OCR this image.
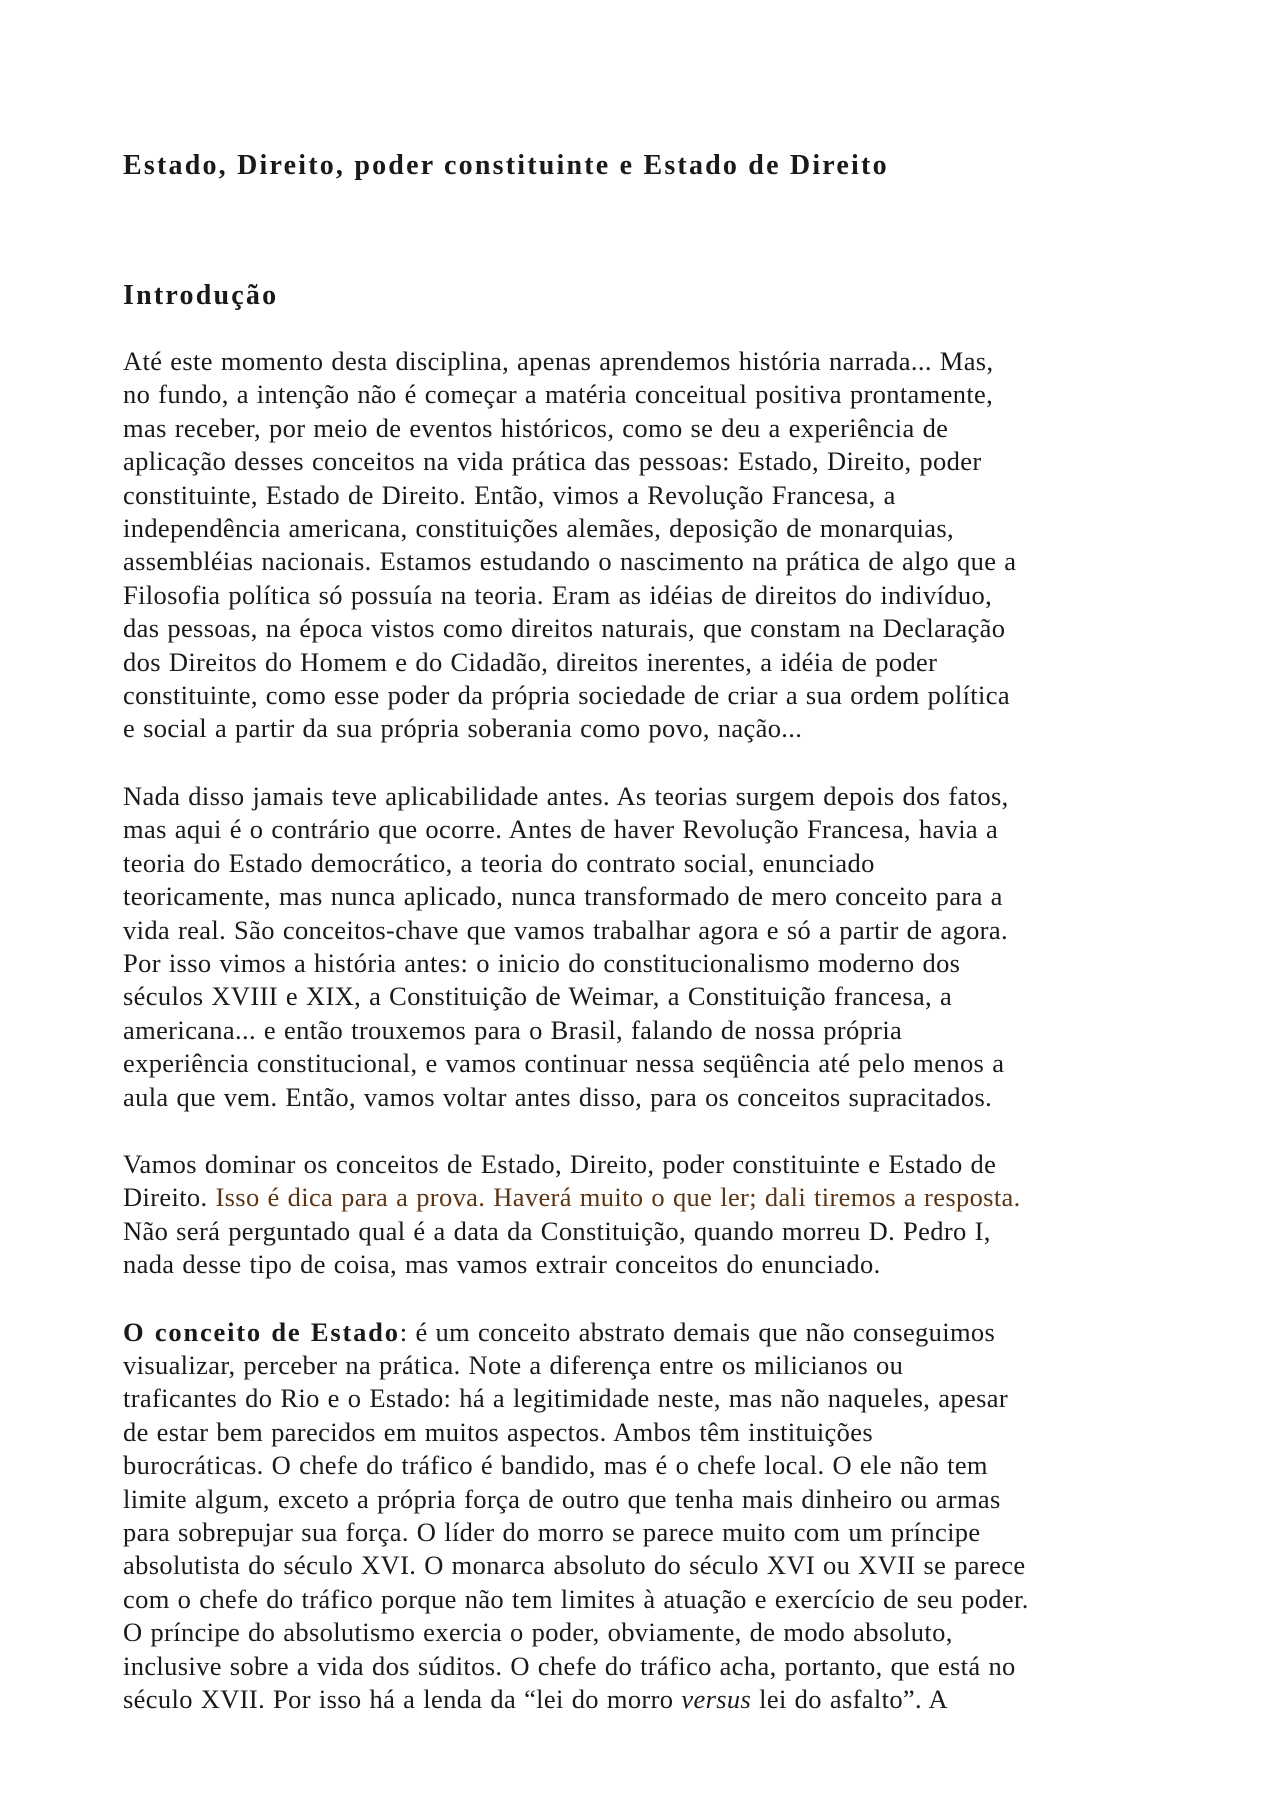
Estado, Direito, poder constituinte e Estado de Direito
Introdução

Até este momento desta disciplina, apenas aprendemos história narrada... Mas,
no fundo, a intenção não é começar a matéria conceitual positiva prontamente,
mas receber, por meio de eventos históricos, como se deu a experiência de
aplicação desses conceitos na vida prática das pessoas: Estado, Direito, poder
constituinte, Estado de Direito. Então, vimos a Revolução Francesa, a
independência americana, constituições alemães, deposição de monarquias,
assembléias nacionais. Estamos estudando o nascimento na prática de algo que a
Filosofia política só possuía na teoria. Eram as idéias de direitos do indivíduo,
das pessoas, na época vistos como direitos naturais, que constam na Declaração
dos Direitos do Homem e do Cidadão, direitos inerentes, a idéia de poder
constituinte, como esse poder da própria sociedade de criar a sua ordem política
e social a partir da sua própria soberania como povo, nação...

Nada disso jamais teve aplicabilidade antes. As teorias surgem depois dos fatos,
mas aqui é o contrário que ocorre. Antes de haver Revolução Francesa, havia a
teoria do Estado democrático, a teoria do contrato social, enunciado
teoricamente, mas nunca aplicado, nunca transformado de mero conceito para a
vida real. São conceitos-chave que vamos trabalhar agora e só a partir de agora.
Por isso vimos a história antes: o inicio do constitucionalismo moderno dos
séculos XVIII e XIX, a Constituição de Weimar, a Constituição francesa, a
americana... e então trouxemos para o Brasil, falando de nossa própria
experiência constitucional, e vamos continuar nessa seqüência até pelo menos a
aula que vem. Então, vamos voltar antes disso, para os conceitos supracitados.

Vamos dominar os conceitos de Estado, Direito, poder constituinte e Estado de
Direito. Isso é dica para a prova. Haverá muito o que ler; dali tiremos a resposta.
Não será perguntado qual é a data da Constituição, quando morreu D. Pedro I,
nada desse tipo de coisa, mas vamos extrair conceitos do enunciado.

O conceito de Estado: é um conceito abstrato demais que não conseguimos
visualizar, perceber na prática. Note a diferença entre os milicianos ou
traficantes do Rio e o Estado: há a legitimidade neste, mas não naqueles, apesar
de estar bem parecidos em muitos aspectos. Ambos têm instituições
burocráticas. O chefe do tráfico é bandido, mas é o chefe local. O ele não tem
limite algum, exceto a própria força de outro que tenha mais dinheiro ou armas
para sobrepujar sua força. O líder do morro se parece muito com um príncipe
absolutista do século XVI. O monarca absoluto do século XVI ou XVII se parece
com o chefe do tráfico porque não tem limites à atuação e exercício de seu poder.
O príncipe do absolutismo exercia o poder, obviamente, de modo absoluto,
inclusive sobre a vida dos súditos. O chefe do tráfico acha, portanto, que está no
século XVII. Por isso há a lenda da “lei do morro versus lei do asfalto”. A
